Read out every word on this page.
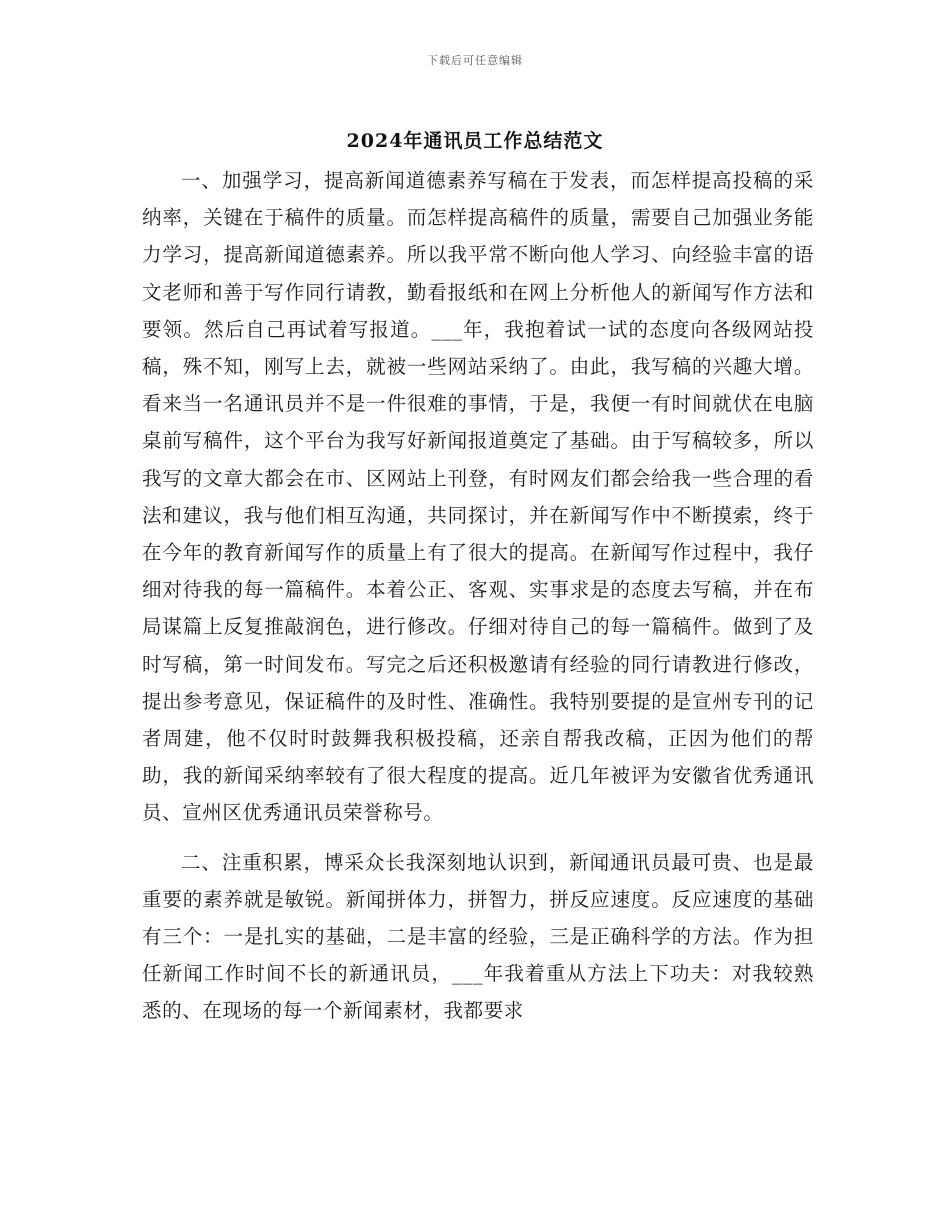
下载后可任意编辑
2024年通讯员工作总结范文

一、加强学习，提高新闻道德素养写稿在于发表，而怎样提高投稿的采纳率，关键在于稿件的质量。而怎样提高稿件的质量，需要自己加强业务能力学习，提高新闻道德素养。所以我平常不断向他人学习、向经验丰富的语文老师和善于写作同行请教，勤看报纸和在网上分析他人的新闻写作方法和要领。然后自己再试着写报道。___年，我抱着试一试的态度向各级网站投稿，殊不知，刚写上去，就被一些网站采纳了。由此，我写稿的兴趣大增。看来当一名通讯员并不是一件很难的事情，于是，我便一有时间就伏在电脑桌前写稿件，这个平台为我写好新闻报道奠定了基础。由于写稿较多，所以我写的文章大都会在市、区网站上刊登，有时网友们都会给我一些合理的看法和建议，我与他们相互沟通，共同探讨，并在新闻写作中不断摸索，终于在今年的教育新闻写作的质量上有了很大的提高。在新闻写作过程中，我仔细对待我的每一篇稿件。本着公正、客观、实事求是的态度去写稿，并在布局谋篇上反复推敲润色，进行修改。仔细对待自己的每一篇稿件。做到了及时写稿，第一时间发布。写完之后还积极邀请有经验的同行请教进行修改，提出参考意见，保证稿件的及时性、准确性。我特别要提的是宣州专刊的记者周建，他不仅时时鼓舞我积极投稿，还亲自帮我改稿，正因为他们的帮助，我的新闻采纳率较有了很大程度的提高。近几年被评为安徽省优秀通讯员、宣州区优秀通讯员荣誉称号。

二、注重积累，博采众长我深刻地认识到，新闻通讯员最可贵、也是最重要的素养就是敏锐。新闻拼体力，拼智力，拼反应速度。反应速度的基础有三个：一是扎实的基础，二是丰富的经验，三是正确科学的方法。作为担任新闻工作时间不长的新通讯员，___年我着重从方法上下功夫：对我较熟悉的、在现场的每一个新闻素材，我都要求
